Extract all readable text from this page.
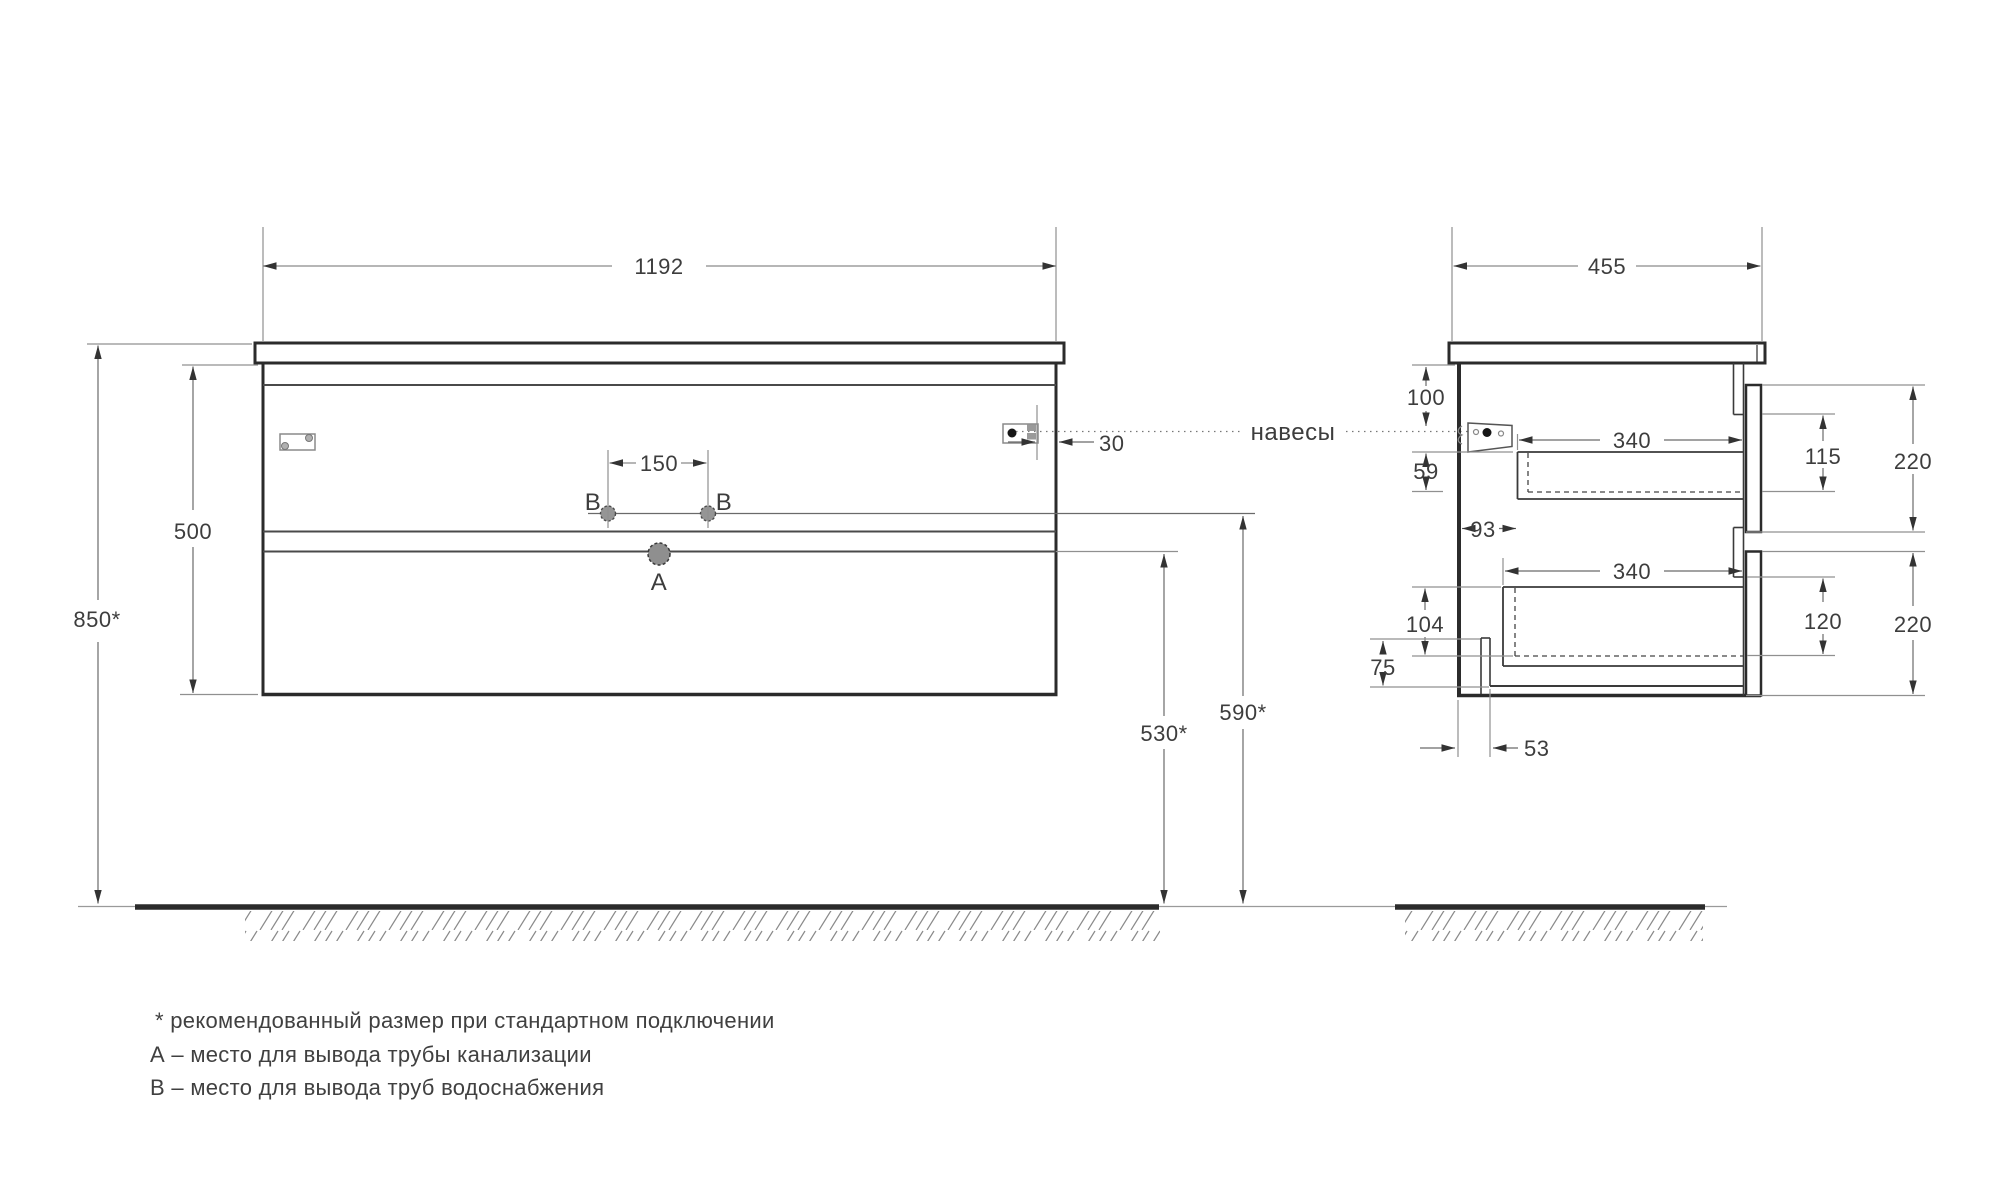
B	B
A
1192
150
30
500
850*
530*
590*
навесы
455
100
59
93
340
340
115 220
120 220
104
75
53
* рекомендованный размер при стандартном подключении
А – место для вывода трубы канализации
В – место для вывода труб водоснабжения
